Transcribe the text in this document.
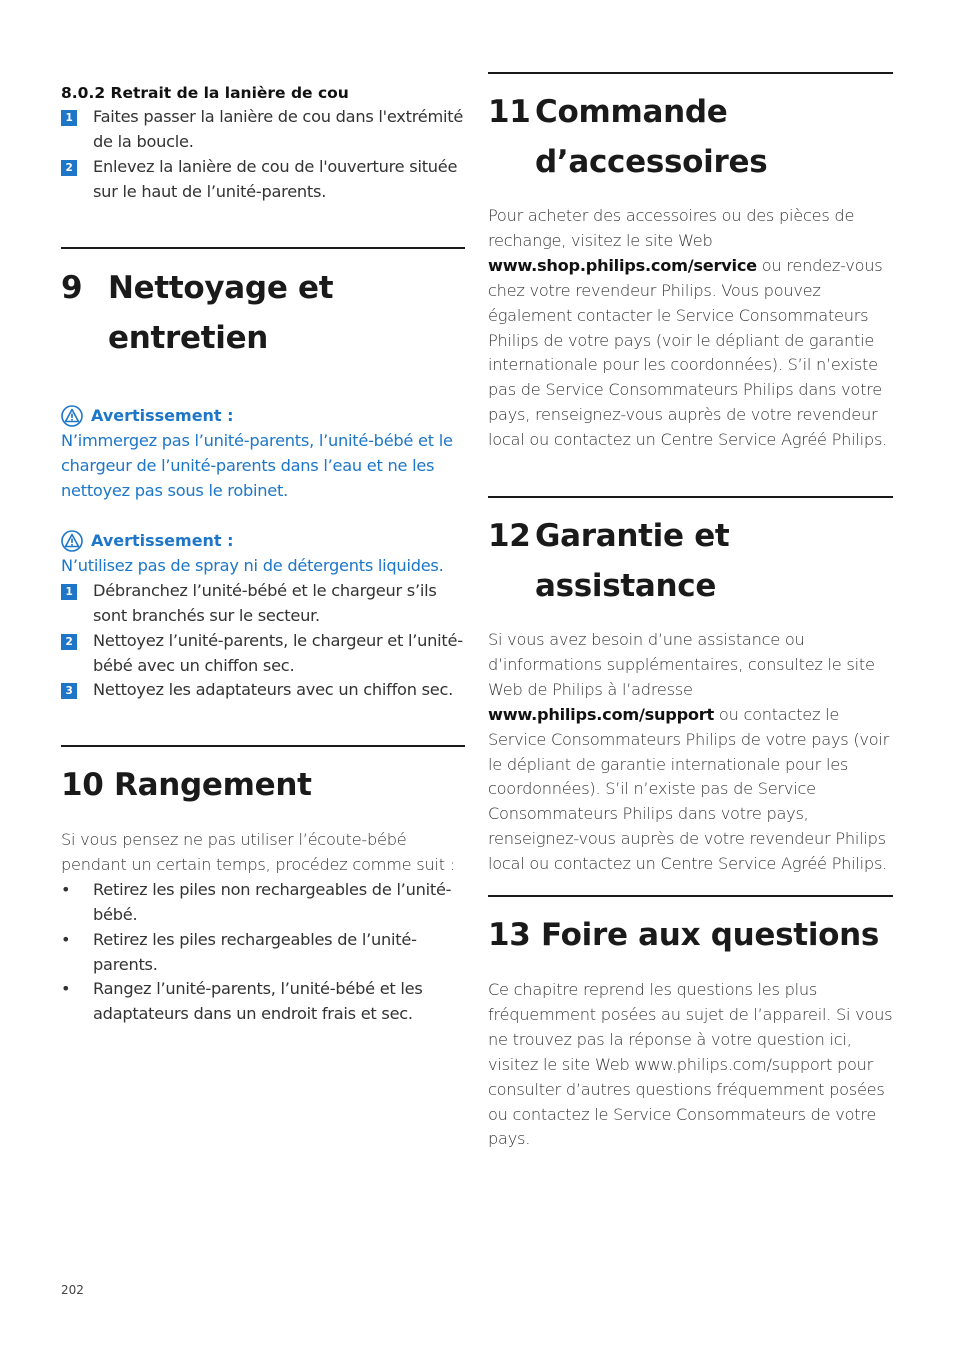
8.0.2 Retrait de la lanière de cou
1 Faites passer la lanière de cou dans l'extrémité de la boucle.
2 Enlevez la lanière de cou de l'ouverture située sur le haut de l’unité-parents.
9 Nettoyage et
entretien
Avertissement :
N’immergez pas l’unité-parents, l’unité-bébé et le chargeur de l’unité-parents dans l’eau et ne les nettoyez pas sous le robinet.
Avertissement :
N’utilisez pas de spray ni de détergents liquides.
1 Débranchez l’unité-bébé et le chargeur s’ils sont branchés sur le secteur.
2 Nettoyez l’unité-parents, le chargeur et l’unité-bébé avec un chiffon sec.
3 Nettoyez les adaptateurs avec un chiffon sec.
10 Rangement
Si vous pensez ne pas utiliser l’écoute-bébé pendant un certain temps, procédez comme suit :
• Retirez les piles non rechargeables de l’unité-bébé.
• Retirez les piles rechargeables de l’unité-parents.
• Rangez l’unité-parents, l’unité-bébé et les adaptateurs dans un endroit frais et sec.
202
11 Commande
d’accessoires
Pour acheter des accessoires ou des pièces de rechange, visitez le site Web www.shop.philips.com/service ou rendez-vous chez votre revendeur Philips. Vous pouvez également contacter le Service Consommateurs Philips de votre pays (voir le dépliant de garantie internationale pour les coordonnées). S’il n’existe pas de Service Consommateurs Philips dans votre pays, renseignez-vous auprès de votre revendeur local ou contactez un Centre Service Agréé Philips.
12 Garantie et
assistance
Si vous avez besoin d’une assistance ou d’informations supplémentaires, consultez le site Web de Philips à l’adresse www.philips.com/support ou contactez le Service Consommateurs Philips de votre pays (voir le dépliant de garantie internationale pour les coordonnées). S’il n’existe pas de Service Consommateurs Philips dans votre pays, renseignez-vous auprès de votre revendeur Philips local ou contactez un Centre Service Agréé Philips.
13 Foire aux questions
Ce chapitre reprend les questions les plus fréquemment posées au sujet de l’appareil. Si vous ne trouvez pas la réponse à votre question ici, visitez le site Web www.philips.com/support pour consulter d’autres questions fréquemment posées ou contactez le Service Consommateurs de votre pays.
